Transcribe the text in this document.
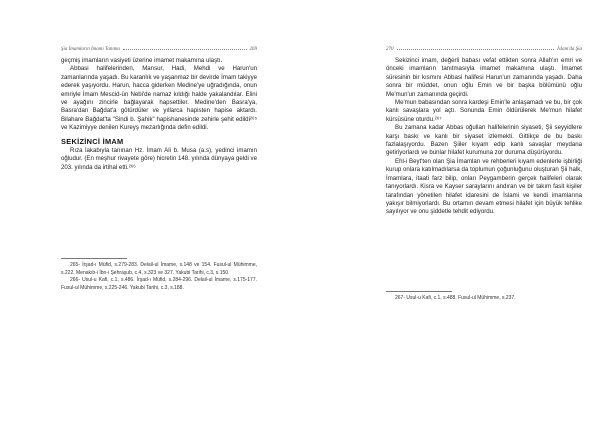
Şia İmamların İmamı Tanıma	269

geçmiş imamların vasiyeti üzerine imamet makamına ulaştı.

Abbasi halifelerinden, Mansur, Hadi, Mehdi ve Harun'un zamanlarında yaşadı. Bu karanlık ve yaşanmaz bir devirde İmam takiyye ederek yaşıyordu. Harun, hacca giderken Medine'ye uğradığında, onun emriyle İmam Mescid-ün Nebi'de namaz kıldığı halde yakalandılar. Elini ve ayağını zincirle bağlayarak hapsettiler. Medine'den Basra'ya, Basra'dan Bağdat'a götürdüler ve yıllarca hapisten hapise aktardı. Bilahare Bağdat'ta "Sindi b. Şahik" hapishanesinde zehirle şehit edildi²⁶⁵ ve Kazimiyye denilen Kureyş mezarlığında defin edildi.

SEKİZİNCİ İMAM

Rıza lakabıyla tanınan Hz. İmam Ali b. Musa (a.s), yedinci imamın oğludur. (En meşhur rivayete göre) hicretin 148. yılında dünyaya geldi ve 203. yılında da irtihal etti.²⁶⁶

265- İrşad-ı Müfid, s.279-283. Delail-ul İmame, s.148 ve 154. Fusul-ul Mühimme, s.222. Menakıb-i İbn-i Şehraşub, c.4, s.323 ve 327. Yakubi Tarihi, c.3, s.150.

266- Usul-u Kafi, c.1, s.486. İrşad-ı Müfid, s.284-296. Delail-ul İmame, s.175-177. Fusul-ul Mühimme, s.225-246. Yakubi Tarihi, c.3, s.188.

270	İslam'da Şia

Sekizinci imam, değerli babası vefat ettikten sonra Allah'ın emri ve önceki imamların tanıtmasıyla imamet makamına ulaştı. İmamet süresinin bir kısmını Abbasi halifesi Harun'un zamanında yaşadı. Daha sonra bir müddet, onun oğlu Emin ve bir başka bölümünü oğlu Me'mun'un zamanında geçirdi.

Me'mun babasından sonra kardeşi Emin'le anlaşamadı ve bu, bir çok kanlı savaşlara yol açtı. Sonunda Emin öldürülerek Me'mun hilafet kürsüsüne oturdu.²⁶⁷

Bu zamana kadar Abbas oğulları halifelerinin siyaseti, Şii seyyidlere karşı baskı ve kanlı bir siyaset izlemekti. Gittikçe de bu baskı fazlalaşıyordu. Bazen Şiiler kıyam edip kanlı savaşlar meydana getiriyorlardı ve bunlar hilafet kurumuna zor duruma düşürüyordu.

Ehl-i Beyt'ten olan Şia İmamları ve rehberleri kıyam edenlerle işbirliği kurup onlara katılmadılarsa da toplumun çoğunluğunu oluşturan Şii halk, İmamlara, itaati farz bilip, onları Peygamberin gerçek halifeleri olarak tanıyorlardı. Kisra ve Kayser saraylarını andıran ve bir takım fasit kişiler tarafından yönetilen hilafet idaresini de İslami ve kendi imamlarına yakışır bilmiyorlardı. Bu ortamın devam etmesi hilafet için büyük tehlike sayılıyor ve onu şiddetle tehdit ediyordu.

267- Usul-u Kafi, c.1, s.488. Fusul-ul Mühimme, s.237.
